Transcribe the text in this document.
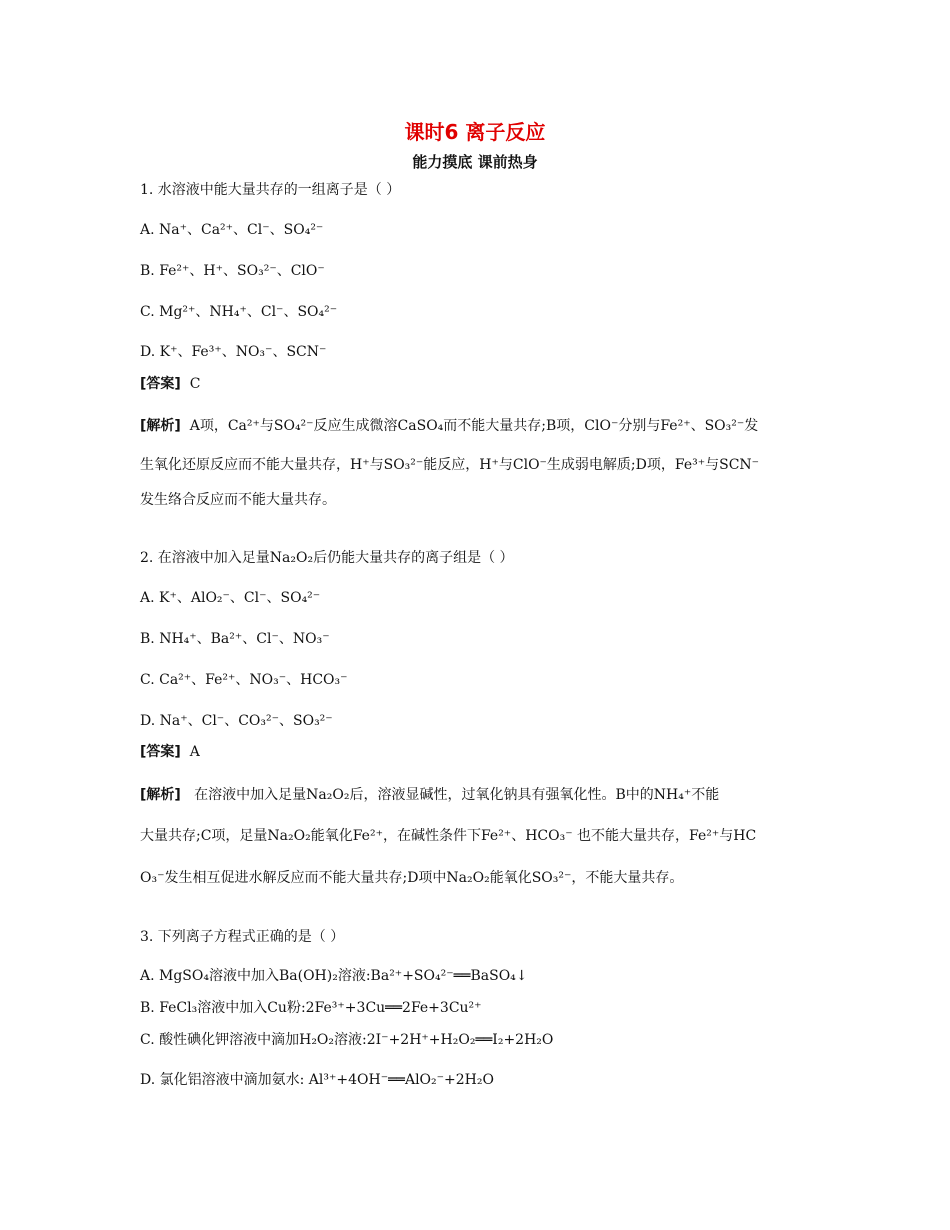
课时6 离子反应
能力摸底 课前热身
1. 水溶液中能大量共存的一组离子是（ ）
A. Na⁺、Ca²⁺、Cl⁻、SO₄²⁻
B. Fe²⁺、H⁺、SO₃²⁻、ClO⁻
C. Mg²⁺、NH₄⁺、Cl⁻、SO₄²⁻
D. K⁺、Fe³⁺、NO₃⁻、SCN⁻
[答案] C
[解析] A项，Ca²⁺与SO₄²⁻反应生成微溶CaSO₄而不能大量共存;B项，ClO⁻分别与Fe²⁺、SO₃²⁻发
生氧化还原反应而不能大量共存，H⁺与SO₃²⁻能反应，H⁺与ClO⁻生成弱电解质;D项，Fe³⁺与SCN⁻
发生络合反应而不能大量共存。
2. 在溶液中加入足量Na₂O₂后仍能大量共存的离子组是（ ）
A. K⁺、AlO₂⁻、Cl⁻、SO₄²⁻
B. NH₄⁺、Ba²⁺、Cl⁻、NO₃⁻
C. Ca²⁺、Fe²⁺、NO₃⁻、HCO₃⁻
D. Na⁺、Cl⁻、CO₃²⁻、SO₃²⁻
[答案] A
[解析] 在溶液中加入足量Na₂O₂后，溶液显碱性，过氧化钠具有强氧化性。B中的NH₄⁺不能
大量共存;C项，足量Na₂O₂能氧化Fe²⁺，在碱性条件下Fe²⁺、HCO₃⁻ 也不能大量共存，Fe²⁺与HC
O₃⁻发生相互促进水解反应而不能大量共存;D项中Na₂O₂能氧化SO₃²⁻，不能大量共存。
3. 下列离子方程式正确的是（ ）
A. MgSO₄溶液中加入Ba(OH)₂溶液:Ba²⁺+SO₄²⁻══BaSO₄↓
B. FeCl₃溶液中加入Cu粉:2Fe³⁺+3Cu══2Fe+3Cu²⁺
C. 酸性碘化钾溶液中滴加H₂O₂溶液:2I⁻+2H⁺+H₂O₂══I₂+2H₂O
D. 氯化铝溶液中滴加氨水: Al³⁺+4OH⁻══AlO₂⁻+2H₂O
